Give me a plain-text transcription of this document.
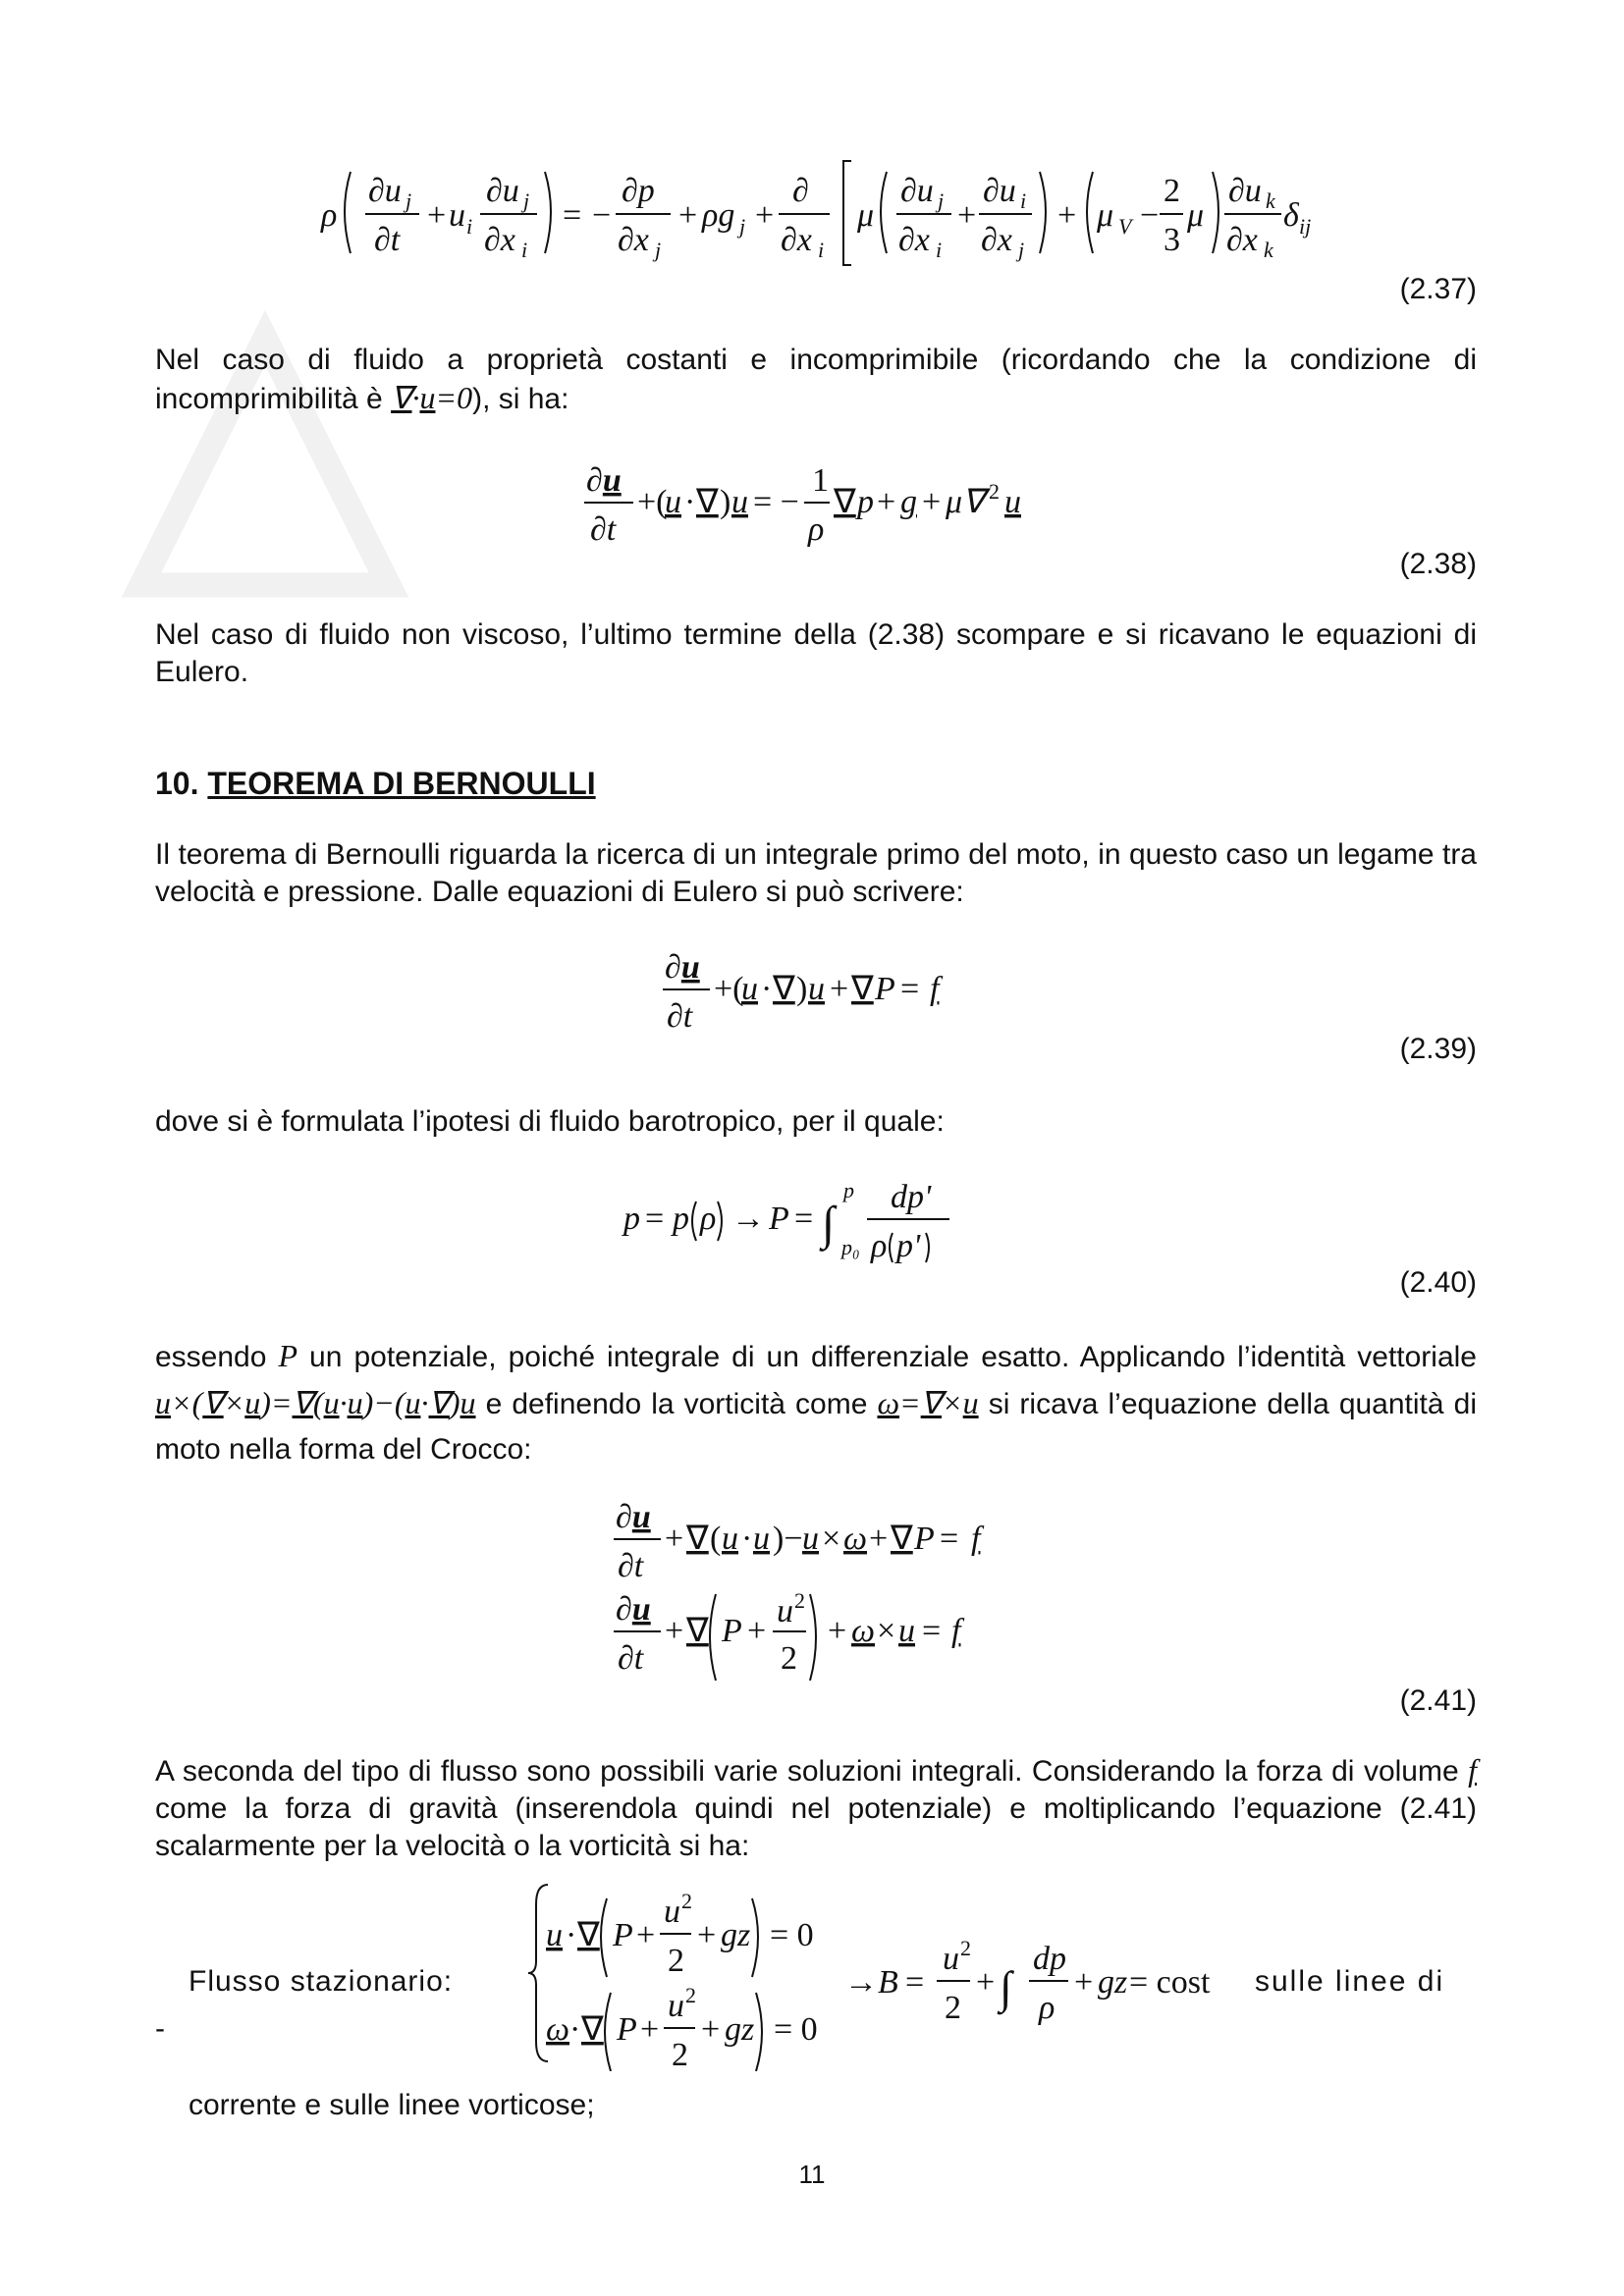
ρ
∂u j
∂t
+ u i
∂u j
∂x i
= −
∂p
∂x j
+ ρg j +
∂
∂x i
μ
∂u j
∂x i
+
∂u i
∂x j
+ μ V −
2
3
μ
∂u k
∂x k
δ ij
(2.37)

Nel caso di fluido a proprietà costanti e incomprimibile (ricordando che la condizione di incomprimibilità è ∇·u=0), si ha:

∂u
∂t
+(
u · ∇ ) u = −
1
ρ
∇ p + g + μ∇ 2 u
(2.38)

Nel caso di fluido non viscoso, l’ultimo termine della (2.38) scompare e si ricavano le equazioni di Eulero.

10. TEOREMA DI BERNOULLI

Il teorema di Bernoulli riguarda la ricerca di un integrale primo del moto, in questo caso un legame tra velocità e pressione. Dalle equazioni di Eulero si può scrivere:

∂u
∂t
+(
u · ∇ ) u + ∇ P = f
(2.39)

dove si è formulata l’ipotesi di fluido barotropico, per il quale:

p = p ρ → P = ∫
p
p₀
dp'
ρ p'
(2.40)

essendo P un potenziale, poiché integrale di un differenziale esatto. Applicando l’identità vettoriale u×(∇×u)=∇(u·u)−(u·∇)u e definendo la vorticità come ω=∇×u si ricava l’equazione della quantità di moto nella forma del Crocco:

∂u
∂t
+ ∇ ( u · u )− u × ω + ∇ P = f
∂u
∂t
+ ∇ P +
u 2
2
+ ω × u = f
(2.41)

A seconda del tipo di flusso sono possibili varie soluzioni integrali. Considerando la forza di volume f come la forza di gravità (inserendola quindi nel potenziale) e moltiplicando l’equazione (2.41) scalarmente per la velocità o la vorticità si ha:

-
Flusso stazionario:
u · ∇ P +
u 2
2
+ gz = 0
ω · ∇ P +
u 2
2
+ gz = 0
→ B =
u 2
2
+ ∫
dp
ρ
+ gz = cost sulle linee di
corrente e sulle linee vorticose;
11
